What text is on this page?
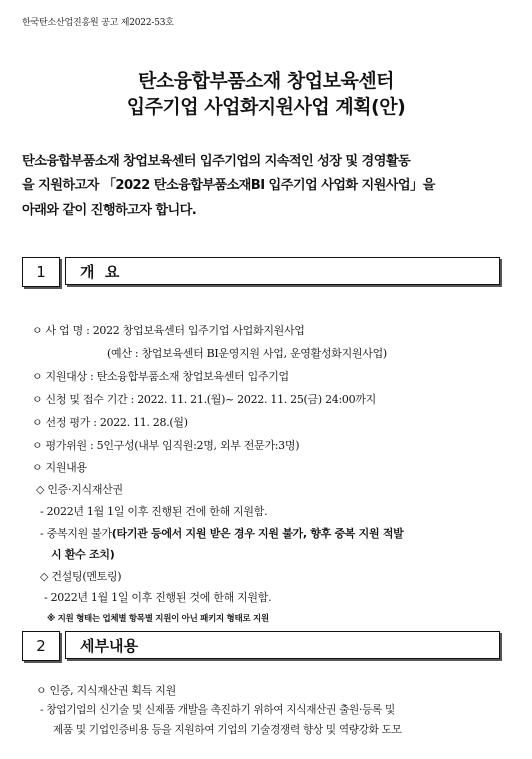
한국탄소산업진흥원 공고 제2022-53호
탄소융합부품소재 창업보육센터
입주기업 사업화지원사업 계획(안)
탄소융합부품소재 창업보육센터 입주기업의 지속적인 성장 및 경영활동
을 지원하고자 「2022 탄소융합부품소재BI 입주기업 사업화 지원사업」을
아래와 같이 진행하고자 합니다.
1	개  요
ㅇ 사 업 명 : 2022 창업보육센터 입주기업 사업화지원사업
(예산 : 창업보육센터 BI운영지원 사업, 운영활성화지원사업)
ㅇ 지원대상 : 탄소융합부품소재 창업보육센터 입주기업
ㅇ 신청 및 접수 기간 : 2022. 11. 21.(월)~ 2022. 11. 25(금) 24:00까지
ㅇ 선정 평가 : 2022. 11. 28.(월)
ㅇ 평가위원 : 5인구성(내부 임직원:2명, 외부 전문가:3명)
ㅇ 지원내용
◇ 인증·지식재산권
- 2022년 1월 1일 이후 진행된 건에 한해 지원함.
- 중복지원 불가(타기관 등에서 지원 받은 경우 지원 불가, 향후 중복 지원 적발
시 환수 조치)
◇ 건설팅(멘토링)
- 2022년 1월 1일 이후 진행된 것에 한해 지원함.
※ 지원 형태는 업체별 항목별 지원이 아닌 패키지 형태로 지원
2	세부내용
ㅇ 인증, 지식재산권 획득 지원
- 창업기업의 신기술 및 신제품 개발을 촉진하기 위하여 지식재산권 출원·등록 및
제품 및 기업인증비용 등을 지원하여 기업의 기술경쟁력 향상 및 역량강화 도모
